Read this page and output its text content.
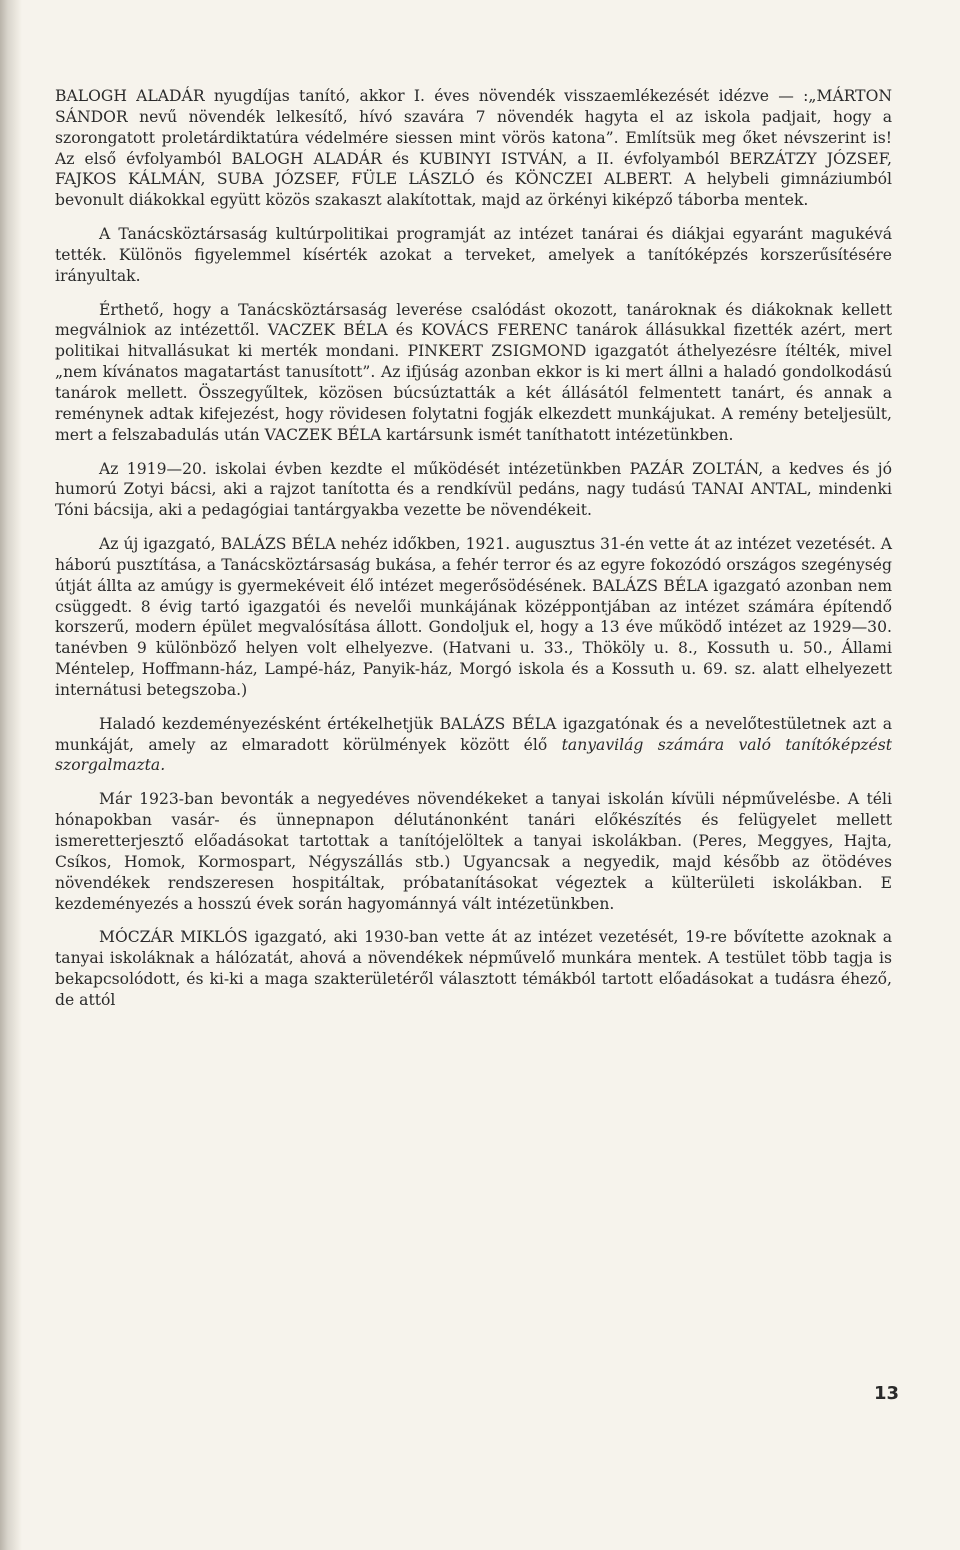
BALOGH ALADÁR nyugdíjas tanító, akkor I. éves növendék visszaemlékezését idézve — :„MÁRTON SÁNDOR nevű növendék lelkesítő, hívó szavára 7 növendék hagyta el az iskola padjait, hogy a szorongatott proletárdiktatúra védelmére siessen mint vörös katona”. Említsük meg őket névszerint is! Az első évfolyamból BALOGH ALADÁR és KUBINYI ISTVÁN, a II. évfolyamból BERZÁTZY JÓZSEF, FAJKOS KÁLMÁN, SUBA JÓZSEF, FÜLE LÁSZLÓ és KÖNCZEI ALBERT. A helybeli gimnáziumból bevonult diákokkal együtt közös szakaszt alakítottak, majd az örkényi kiképző táborba mentek.

A Tanácsköztársaság kultúrpolitikai programját az intézet tanárai és diákjai egyaránt magukévá tették. Különös figyelemmel kísérték azokat a terveket, amelyek a tanítóképzés korszerűsítésére irányultak.

Érthető, hogy a Tanácsköztársaság leverése csalódást okozott, tanároknak és diákoknak kellett megválniok az intézettől. VACZEK BÉLA és KOVÁCS FERENC tanárok állásukkal fizették azért, mert politikai hitvallásukat ki merték mondani. PINKERT ZSIGMOND igazgatót áthelyezésre ítélték, mivel „nem kívánatos magatartást tanusított”. Az ifjúság azonban ekkor is ki mert állni a haladó gondolkodású tanárok mellett. Összegyűltek, közösen búcsúztatták a két állásától felmentett tanárt, és annak a reménynek adtak kifejezést, hogy rövidesen folytatni fogják elkezdett munkájukat. A remény beteljesült, mert a felszabadulás után VACZEK BÉLA kartársunk ismét taníthatott intézetünkben.

Az 1919—20. iskolai évben kezdte el működését intézetünkben PAZÁR ZOLTÁN, a kedves és jó humorú Zotyi bácsi, aki a rajzot tanította és a rendkívül pedáns, nagy tudású TANAI ANTAL, mindenki Tóni bácsija, aki a pedagógiai tantárgyakba vezette be növendékeit.

Az új igazgató, BALÁZS BÉLA nehéz időkben, 1921. augusztus 31-én vette át az intézet vezetését. A háború pusztítása, a Tanácsköztársaság bukása, a fehér terror és az egyre fokozódó országos szegénység útját állta az amúgy is gyermekéveit élő intézet megerősödésének. BALÁZS BÉLA igazgató azonban nem csüggedt. 8 évig tartó igazgatói és nevelői munkájának középpontjában az intézet számára építendő korszerű, modern épület megvalósítása állott. Gondoljuk el, hogy a 13 éve működő intézet az 1929—30. tanévben 9 különböző helyen volt elhelyezve. (Hatvani u. 33., Thököly u. 8., Kossuth u. 50., Állami Méntelep, Hoffmann-ház, Lampé-ház, Panyik-ház, Morgó iskola és a Kossuth u. 69. sz. alatt elhelyezett internátusi betegszoba.)

Haladó kezdeményezésként értékelhetjük BALÁZS BÉLA igazgatónak és a nevelőtestületnek azt a munkáját, amely az elmaradott körülmények között élő tanyavilág számára való tanítóképzést szorgalmazta.

Már 1923-ban bevonták a negyedéves növendékeket a tanyai iskolán kívüli népművelésbe. A téli hónapokban vasár- és ünnepnapon délutánonként tanári előkészítés és felügyelet mellett ismeretterjesztő előadásokat tartottak a tanítójelöltek a tanyai iskolákban. (Peres, Meggyes, Hajta, Csíkos, Homok, Kormospart, Négyszállás stb.) Ugyancsak a negyedik, majd később az ötödéves növendékek rendszeresen hospitáltak, próbatanításokat végeztek a külterületi iskolákban. E kezdeményezés a hosszú évek során hagyománnyá vált intézetünkben.

MÓCZÁR MIKLÓS igazgató, aki 1930-ban vette át az intézet vezetését, 19-re bővítette azoknak a tanyai iskoláknak a hálózatát, ahová a növendékek népművelő munkára mentek. A testület több tagja is bekapcsolódott, és ki-ki a maga szakterületéről választott témákból tartott előadásokat a tudásra éhező, de attól

13
